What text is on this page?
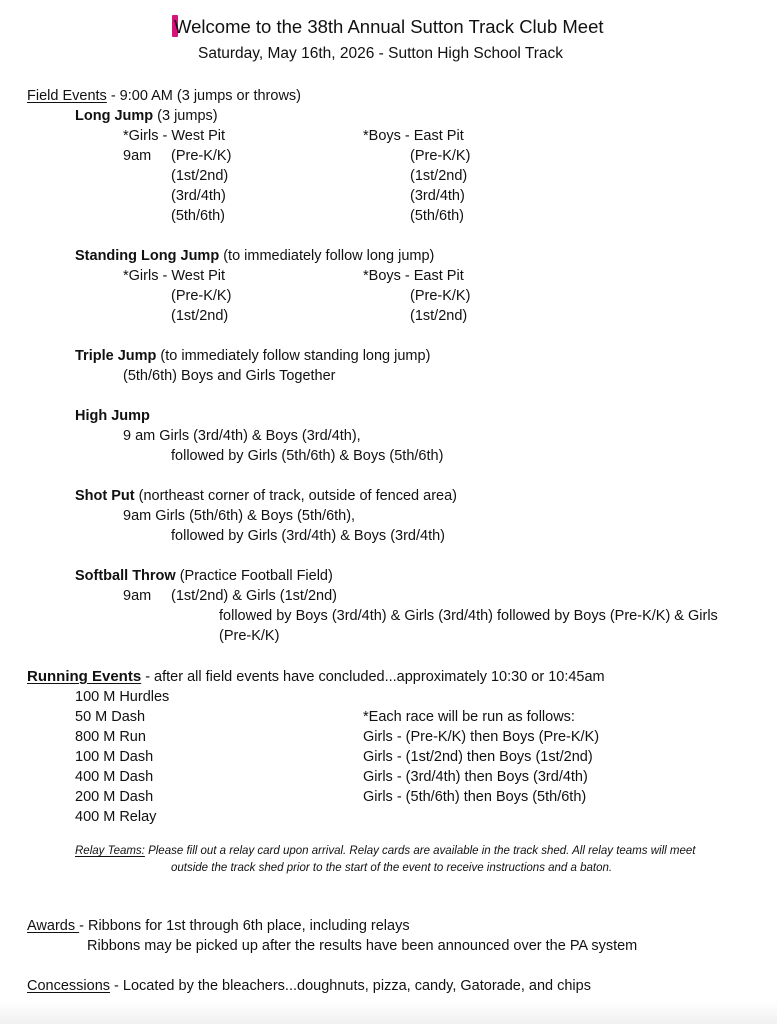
Welcome to the 38th Annual Sutton Track Club Meet
Saturday, May 16th, 2026 - Sutton High School Track
Field Events - 9:00 AM (3 jumps or throws)
Long Jump (3 jumps)
*Girls - West Pit	*Boys - East Pit
9am (Pre-K/K)
(1st/2nd)
(3rd/4th)
(5th/6th)
(Pre-K/K)
(1st/2nd)
(3rd/4th)
(5th/6th)
Standing Long Jump (to immediately follow long jump)
*Girls - West Pit	*Boys - East Pit
(Pre-K/K)
(1st/2nd)
(Pre-K/K)
(1st/2nd)
Triple Jump (to immediately follow standing long jump)
(5th/6th) Boys and Girls Together
High Jump
9 am Girls (3rd/4th) & Boys (3rd/4th),
followed by Girls (5th/6th) & Boys (5th/6th)
Shot Put (northeast corner of track, outside of fenced area)
9am Girls (5th/6th) & Boys (5th/6th),
followed by Girls (3rd/4th) & Boys (3rd/4th)
Softball Throw (Practice Football Field)
9am (1st/2nd) & Girls (1st/2nd)
followed by Boys (3rd/4th) & Girls (3rd/4th) followed by Boys (Pre-K/K) & Girls
(Pre-K/K)
Running Events - after all field events have concluded...approximately 10:30 or 10:45am
100 M Hurdles
50 M Dash
800 M Run
100 M Dash
400 M Dash
200 M Dash
400 M Relay
*Each race will be run as follows:
Girls - (Pre-K/K) then Boys (Pre-K/K)
Girls - (1st/2nd) then Boys (1st/2nd)
Girls - (3rd/4th) then Boys (3rd/4th)
Girls - (5th/6th) then Boys (5th/6th)
Relay Teams: Please fill out a relay card upon arrival. Relay cards are available in the track shed. All relay teams will meet
outside the track shed prior to the start of the event to receive instructions and a baton.
Awards - Ribbons for 1st through 6th place, including relays
Ribbons may be picked up after the results have been announced over the PA system
Concessions - Located by the bleachers...doughnuts, pizza, candy, Gatorade, and chips
